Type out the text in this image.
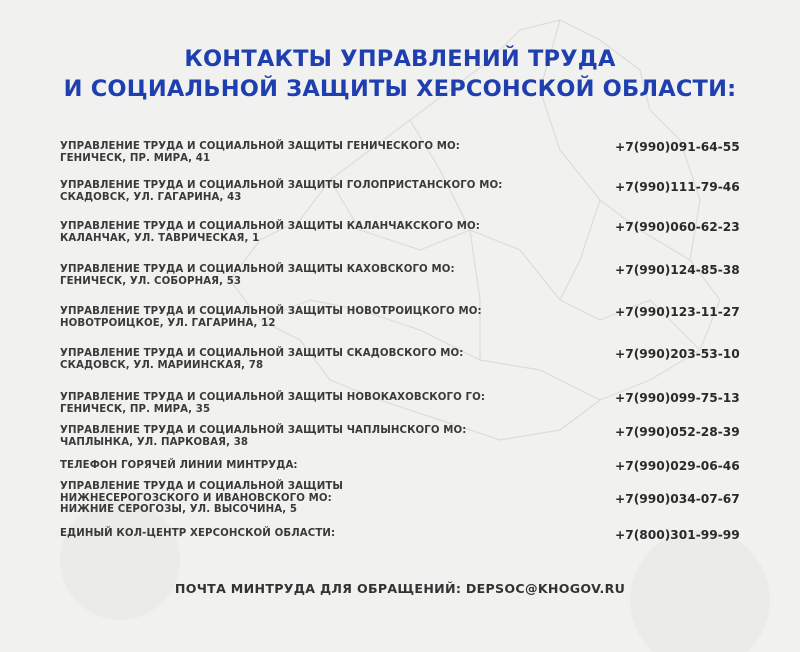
КОНТАКТЫ УПРАВЛЕНИЙ ТРУДА
И СОЦИАЛЬНОЙ ЗАЩИТЫ ХЕРСОНСКОЙ ОБЛАСТИ:
УПРАВЛЕНИЕ ТРУДА И СОЦИАЛЬНОЙ ЗАЩИТЫ ГЕНИЧЕСКОГО МО:
ГЕНИЧЕСК, ПР. МИРА, 41
+7(990)091-64-55
УПРАВЛЕНИЕ ТРУДА И СОЦИАЛЬНОЙ ЗАЩИТЫ ГОЛОПРИСТАНСКОГО МО:
СКАДОВСК, УЛ. ГАГАРИНА, 43
+7(990)111-79-46
УПРАВЛЕНИЕ ТРУДА И СОЦИАЛЬНОЙ ЗАЩИТЫ КАЛАНЧАКСКОГО МО:
КАЛАНЧАК, УЛ. ТАВРИЧЕСКАЯ, 1
+7(990)060-62-23
УПРАВЛЕНИЕ ТРУДА И СОЦИАЛЬНОЙ ЗАЩИТЫ КАХОВСКОГО МО:
ГЕНИЧЕСК, УЛ. СОБОРНАЯ, 53
+7(990)124-85-38
УПРАВЛЕНИЕ ТРУДА И СОЦИАЛЬНОЙ ЗАЩИТЫ НОВОТРОИЦКОГО МО:
НОВОТРОИЦКОЕ, УЛ. ГАГАРИНА, 12
+7(990)123-11-27
УПРАВЛЕНИЕ ТРУДА И СОЦИАЛЬНОЙ ЗАЩИТЫ СКАДОВСКОГО МО:
СКАДОВСК, УЛ. МАРИИНСКАЯ, 78
+7(990)203-53-10
УПРАВЛЕНИЕ ТРУДА И СОЦИАЛЬНОЙ ЗАЩИТЫ НОВОКАХОВСКОГО ГО:
ГЕНИЧЕСК, ПР. МИРА, 35
+7(990)099-75-13
УПРАВЛЕНИЕ ТРУДА И СОЦИАЛЬНОЙ ЗАЩИТЫ ЧАПЛЫНСКОГО МО:
ЧАПЛЫНКА, УЛ. ПАРКОВАЯ, 38
+7(990)052-28-39
ТЕЛЕФОН ГОРЯЧЕЙ ЛИНИИ МИНТРУДА:	+7(990)029-06-46
УПРАВЛЕНИЕ ТРУДА И СОЦИАЛЬНОЙ ЗАЩИТЫ
НИЖНЕСЕРОГОЗСКОГО И ИВАНОВСКОГО МО:
НИЖНИЕ СЕРОГОЗЫ, УЛ. ВЫСОЧИНА, 5
+7(990)034-07-67
ЕДИНЫЙ КОЛ-ЦЕНТР ХЕРСОНСКОЙ ОБЛАСТИ:	+7(800)301-99-99
ПОЧТА МИНТРУДА ДЛЯ ОБРАЩЕНИЙ: DEPSOC@KHOGOV.RU
